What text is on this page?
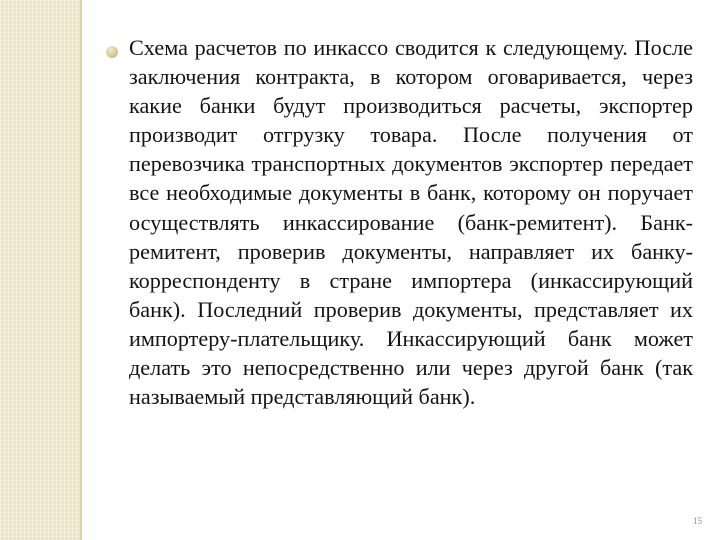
Схема расчетов по инкассо сводится к следующему. После заключения контракта, в котором оговаривается, через какие банки будут производиться расчеты, экспортер производит отгрузку товара. После получения от перевозчика транспортных документов экспортер передает все необходимые документы в банк, которому он поручает осуществлять инкассирование (банк-ремитент). Банк-ремитент, проверив документы, направляет их банку-корреспонденту в стране импортера (инкассирующий банк). Последний проверив документы, представляет их импортеру-плательщику. Инкассирующий банк может делать это непосредственно или через другой банк (так называемый представляющий банк).

15
